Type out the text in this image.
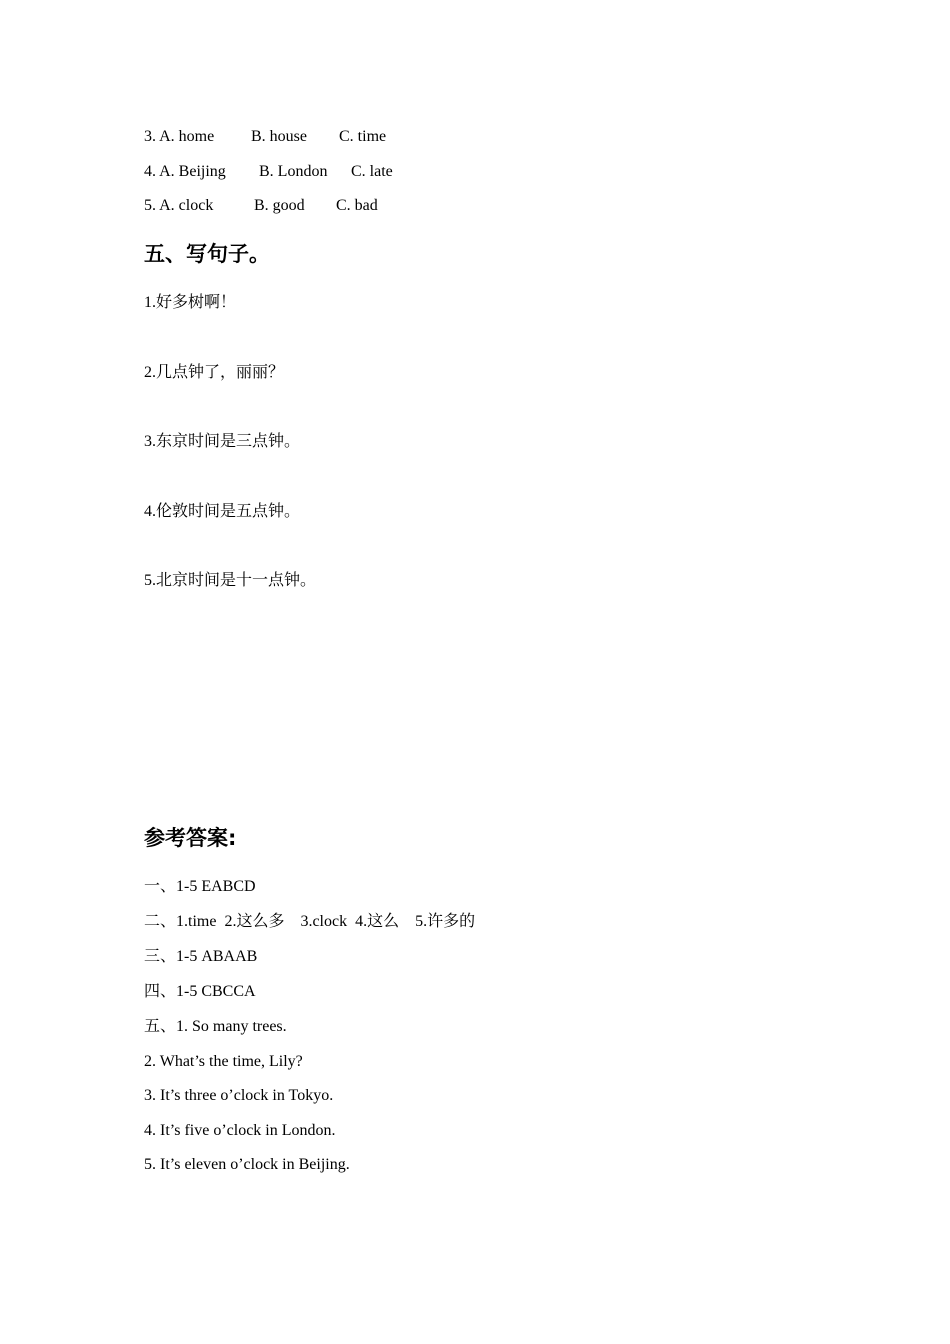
3. A. home B. house C. time
4. A. Beijing B. London C. late
5. A. clock	B. good C. bad
五、写句子。
1.好多树啊！
2.几点钟了，丽丽？
3.东京时间是三点钟。
4.伦敦时间是五点钟。
5.北京时间是十一点钟。
参考答案:
一、1-5 EABCD
二、1.time  2.这么多    3.clock  4.这么    5.许多的
三、1-5 ABAAB
四、1-5 CBCCA
五、1. So many trees.
2. What’s the time, Lily?
3. It’s three o’clock in Tokyo.
4. It’s five o’clock in London.
5. It’s eleven o’clock in Beijing.
